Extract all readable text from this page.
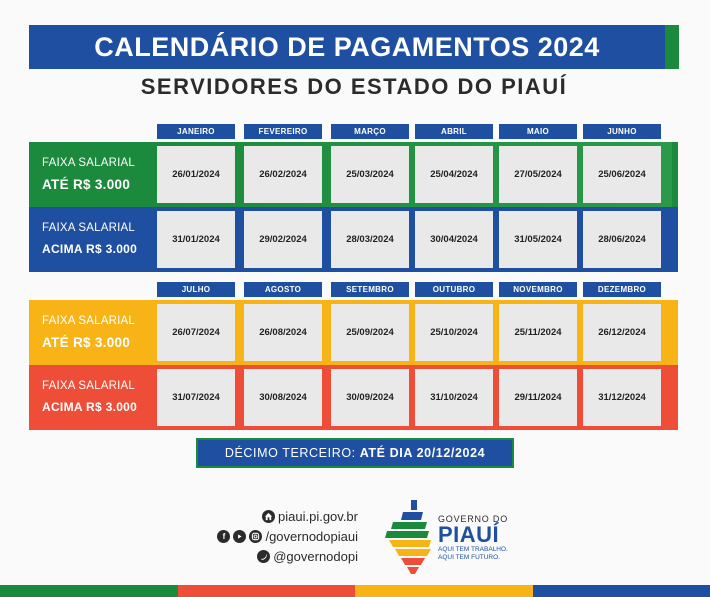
CALENDÁRIO DE PAGAMENTOS 2024
SERVIDORES DO ESTADO DO PIAUÍ
JANEIRO	FEVEREIRO	MARÇO	ABRIL	MAIO	JUNHO
FAIXA SALARIAL
ATÉ R$ 3.000
26/01/2024	26/02/2024	25/03/2024	25/04/2024	27/05/2024	25/06/2024
FAIXA SALARIAL
ACIMA R$ 3.000
31/01/2024	29/02/2024	28/03/2024	30/04/2024	31/05/2024	28/06/2024
JULHO	AGOSTO	SETEMBRO	OUTUBRO	NOVEMBRO	DEZEMBRO
FAIXA SALARIAL
ATÉ R$ 3.000
26/07/2024	26/08/2024	25/09/2024	25/10/2024	25/11/2024	26/12/2024
FAIXA SALARIAL
ACIMA R$ 3.000
31/07/2024	30/08/2024	30/09/2024	31/10/2024	29/11/2024	31/12/2024
DÉCIMO TERCEIRO: ATÉ DIA 20/12/2024
piaui.pi.gov.br
f	/governodopiaui
@governodopi
GOVERNO DO
PIAUÍ
AQUI TEM TRABALHO.
AQUI TEM FUTURO.
